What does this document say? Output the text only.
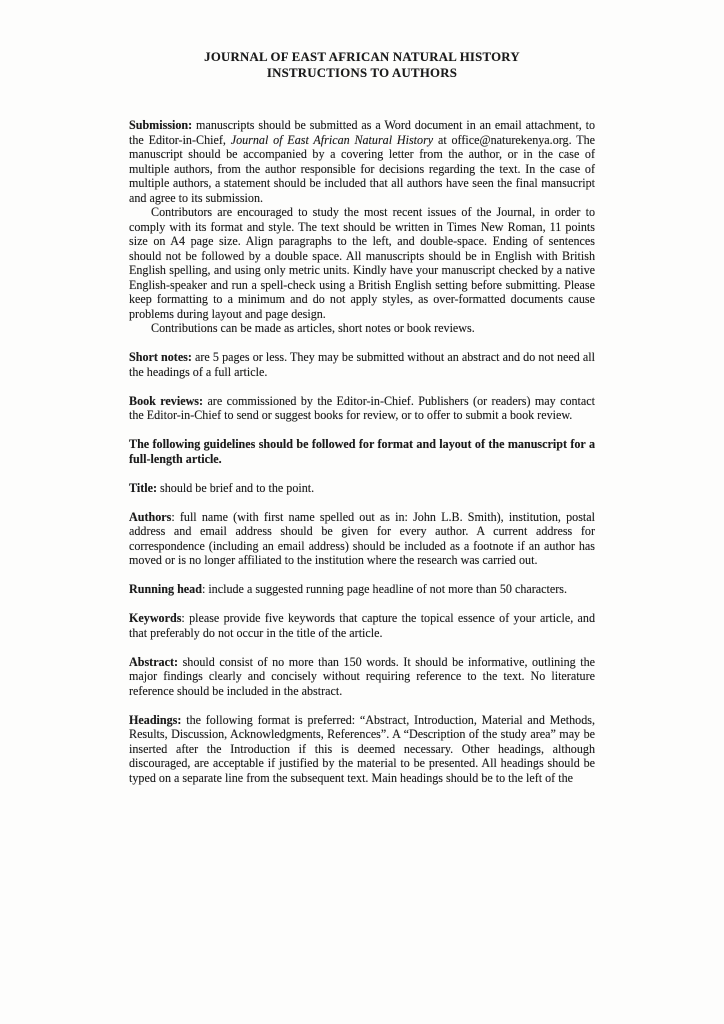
JOURNAL OF EAST AFRICAN NATURAL HISTORY
INSTRUCTIONS TO AUTHORS

Submission: manuscripts should be submitted as a Word document in an email attachment, to the Editor-in-Chief, Journal of East African Natural History at office@naturekenya.org. The manuscript should be accompanied by a covering letter from the author, or in the case of multiple authors, from the author responsible for decisions regarding the text. In the case of multiple authors, a statement should be included that all authors have seen the final mansucript and agree to its submission.

Contributors are encouraged to study the most recent issues of the Journal, in order to comply with its format and style. The text should be written in Times New Roman, 11 points size on A4 page size. Align paragraphs to the left, and double-space. Ending of sentences should not be followed by a double space. All manuscripts should be in English with British English spelling, and using only metric units. Kindly have your manuscript checked by a native English-speaker and run a spell-check using a British English setting before submitting. Please keep formatting to a minimum and do not apply styles, as over-formatted documents cause problems during layout and page design.

Contributions can be made as articles, short notes or book reviews.

Short notes: are 5 pages or less. They may be submitted without an abstract and do not need all the headings of a full article.

Book reviews: are commissioned by the Editor-in-Chief. Publishers (or readers) may contact the Editor-in-Chief to send or suggest books for review, or to offer to submit a book review.

The following guidelines should be followed for format and layout of the manuscript for a full-length article.

Title: should be brief and to the point.

Authors: full name (with first name spelled out as in: John L.B. Smith), institution, postal address and email address should be given for every author. A current address for correspondence (including an email address) should be included as a footnote if an author has moved or is no longer affiliated to the institution where the research was carried out.

Running head: include a suggested running page headline of not more than 50 characters.

Keywords: please provide five keywords that capture the topical essence of your article, and that preferably do not occur in the title of the article.

Abstract: should consist of no more than 150 words. It should be informative, outlining the major findings clearly and concisely without requiring reference to the text. No literature reference should be included in the abstract.

Headings: the following format is preferred: “Abstract, Introduction, Material and Methods, Results, Discussion, Acknowledgments, References”. A “Description of the study area” may be inserted after the Introduction if this is deemed necessary. Other headings, although discouraged, are acceptable if justified by the material to be presented. All headings should be typed on a separate line from the subsequent text. Main headings should be to the left of the
